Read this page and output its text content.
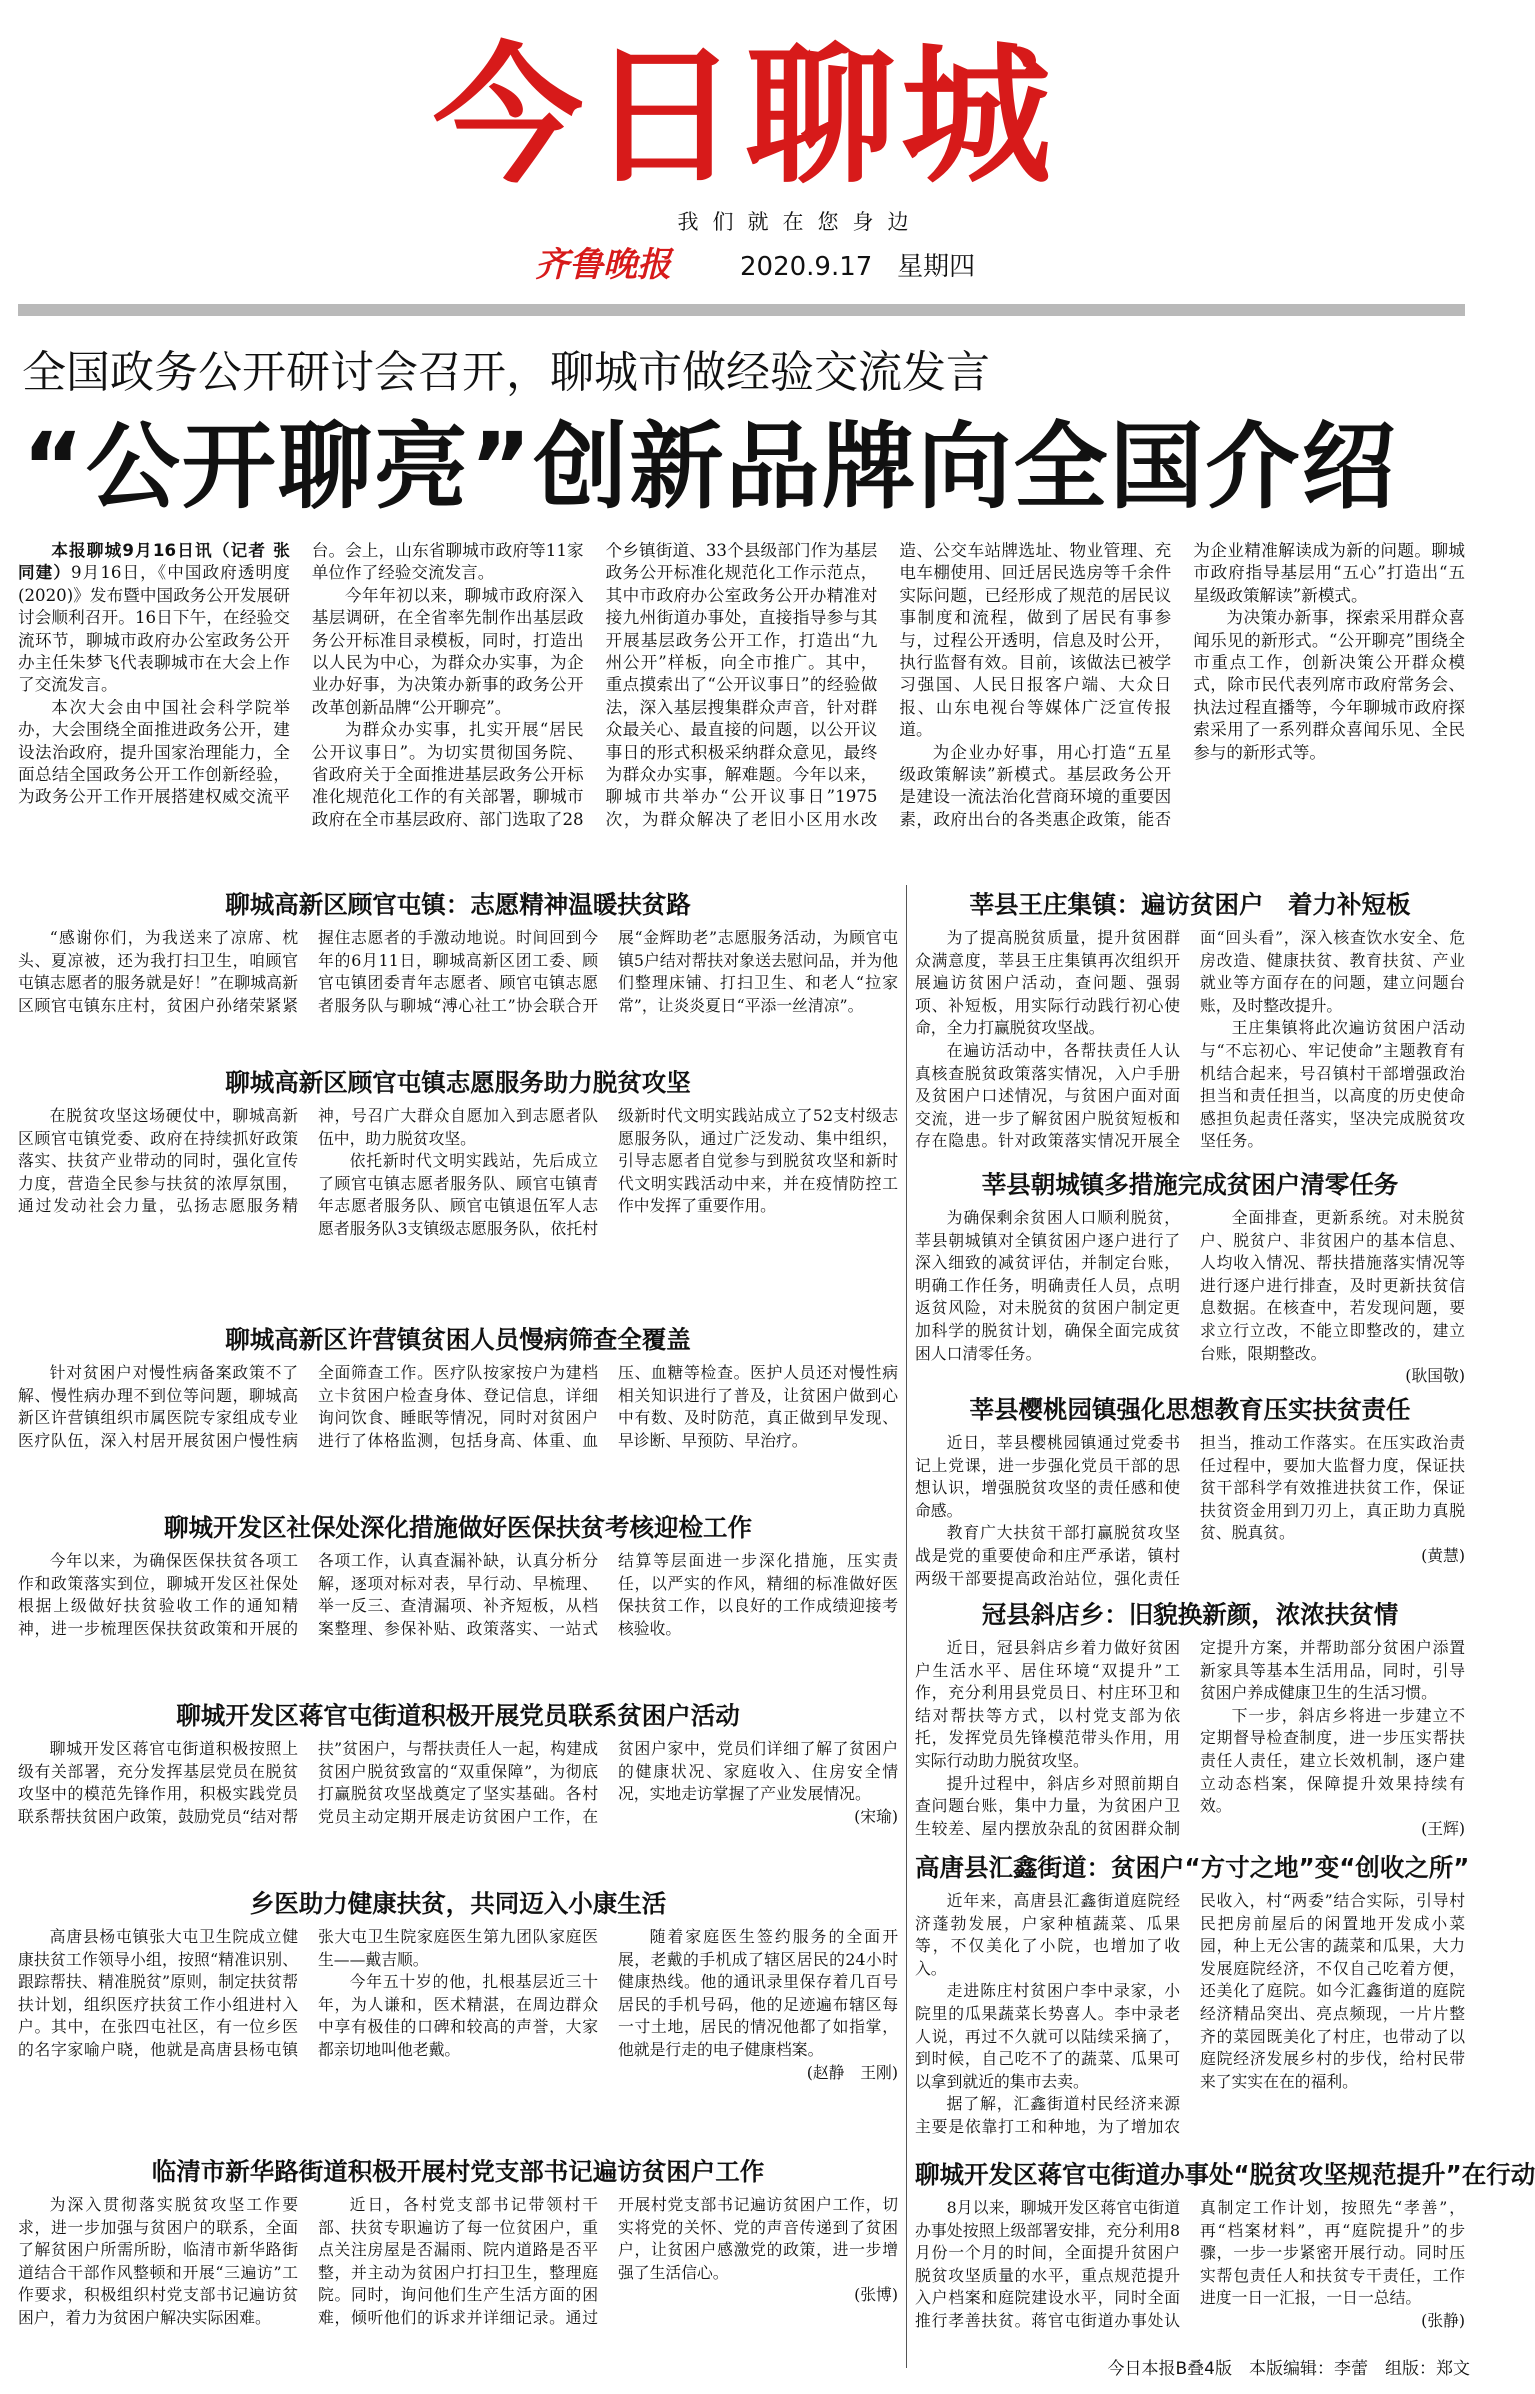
今日聊城
我们就在您身边
齐鲁晚报	2020.9.17 星期四
全国政务公开研讨会召开，聊城市做经验交流发言
“公开聊亮”创新品牌向全国介绍

本报聊城9月16日讯（记者 张同建）9月16日，《中国政府透明度(2020)》发布暨中国政务公开发展研讨会顺利召开。16日下午，在经验交流环节，聊城市政府办公室政务公开办主任朱梦飞代表聊城市在大会上作了交流发言。

本次大会由中国社会科学院举办，大会围绕全面推进政务公开，建设法治政府，提升国家治理能力，全面总结全国政务公开工作创新经验，为政务公开工作开展搭建权威交流平台。会上，山东省聊城市政府等11家单位作了经验交流发言。

今年年初以来，聊城市政府深入基层调研，在全省率先制作出基层政务公开标准目录模板，同时，打造出以人民为中心，为群众办实事，为企业办好事，为决策办新事的政务公开改革创新品牌“公开聊亮”。

为群众办实事，扎实开展“居民公开议事日”。为切实贯彻国务院、省政府关于全面推进基层政务公开标准化规范化工作的有关部署，聊城市政府在全市基层政府、部门选取了28个乡镇街道、33个县级部门作为基层政务公开标准化规范化工作示范点，其中市政府办公室政务公开办精准对接九州街道办事处，直接指导参与其开展基层政务公开工作，打造出“九州公开”样板，向全市推广。其中，重点摸索出了“公开议事日”的经验做法，深入基层搜集群众声音，针对群众最关心、最直接的问题，以公开议事日的形式积极采纳群众意见，最终为群众办实事，解难题。今年以来，聊城市共举办“公开议事日”1975次，为群众解决了老旧小区用水改造、公交车站牌选址、物业管理、充电车棚使用、回迁居民选房等千余件实际问题，已经形成了规范的居民议事制度和流程，做到了居民有事参与，过程公开透明，信息及时公开，执行监督有效。目前，该做法已被学习强国、人民日报客户端、大众日报、山东电视台等媒体广泛宣传报道。

为企业办好事，用心打造“五星级政策解读”新模式。基层政务公开是建设一流法治化营商环境的重要因素，政府出台的各类惠企政策，能否为企业精准解读成为新的问题。聊城市政府指导基层用“五心”打造出“五星级政策解读”新模式。

为决策办新事，探索采用群众喜闻乐见的新形式。“公开聊亮”围绕全市重点工作，创新决策公开群众模式，除市民代表列席市政府常务会、执法过程直播等，今年聊城市政府探索采用了一系列群众喜闻乐见、全民参与的新形式等。

聊城高新区顾官屯镇：志愿精神温暖扶贫路

“感谢你们，为我送来了凉席、枕头、夏凉被，还为我打扫卫生，咱顾官屯镇志愿者的服务就是好！”在聊城高新区顾官屯镇东庄村，贫困户孙绪荣紧紧握住志愿者的手激动地说。时间回到今年的6月11日，聊城高新区团工委、顾官屯镇团委青年志愿者、顾官屯镇志愿者服务队与聊城“溥心社工”协会联合开展“金辉助老”志愿服务活动，为顾官屯镇5户结对帮扶对象送去慰问品，并为他们整理床铺、打扫卫生、和老人“拉家常”，让炎炎夏日“平添一丝清凉”。

聊城高新区顾官屯镇志愿服务助力脱贫攻坚

在脱贫攻坚这场硬仗中，聊城高新区顾官屯镇党委、政府在持续抓好政策落实、扶贫产业带动的同时，强化宣传力度，营造全民参与扶贫的浓厚氛围，通过发动社会力量，弘扬志愿服务精神，号召广大群众自愿加入到志愿者队伍中，助力脱贫攻坚。

依托新时代文明实践站，先后成立了顾官屯镇志愿者服务队、顾官屯镇青年志愿者服务队、顾官屯镇退伍军人志愿者服务队3支镇级志愿服务队，依托村级新时代文明实践站成立了52支村级志愿服务队，通过广泛发动、集中组织，引导志愿者自觉参与到脱贫攻坚和新时代文明实践活动中来，并在疫情防控工作中发挥了重要作用。

聊城高新区许营镇贫困人员慢病筛查全覆盖

针对贫困户对慢性病备案政策不了解、慢性病办理不到位等问题，聊城高新区许营镇组织市属医院专家组成专业医疗队伍，深入村居开展贫困户慢性病全面筛查工作。医疗队按家按户为建档立卡贫困户检查身体、登记信息，详细询问饮食、睡眠等情况，同时对贫困户进行了体格监测，包括身高、体重、血压、血糖等检查。医护人员还对慢性病相关知识进行了普及，让贫困户做到心中有数、及时防范，真正做到早发现、早诊断、早预防、早治疗。

聊城开发区社保处深化措施做好医保扶贫考核迎检工作

今年以来，为确保医保扶贫各项工作和政策落实到位，聊城开发区社保处根据上级做好扶贫验收工作的通知精神，进一步梳理医保扶贫政策和开展的各项工作，认真查漏补缺，认真分析分解，逐项对标对表，早行动、早梳理、举一反三、查清漏项、补齐短板，从档案整理、参保补贴、政策落实、一站式结算等层面进一步深化措施，压实责任，以严实的作风，精细的标准做好医保扶贫工作，以良好的工作成绩迎接考核验收。

聊城开发区蒋官屯街道积极开展党员联系贫困户活动

聊城开发区蒋官屯街道积极按照上级有关部署，充分发挥基层党员在脱贫攻坚中的模范先锋作用，积极实践党员联系帮扶贫困户政策，鼓励党员“结对帮扶”贫困户，与帮扶责任人一起，构建成贫困户脱贫致富的“双重保障”，为彻底打赢脱贫攻坚战奠定了坚实基础。各村党员主动定期开展走访贫困户工作，在贫困户家中，党员们详细了解了贫困户的健康状况、家庭收入、住房安全情况，实地走访掌握了产业发展情况。

(宋瑜)

乡医助力健康扶贫，共同迈入小康生活

高唐县杨屯镇张大屯卫生院成立健康扶贫工作领导小组，按照“精准识别、跟踪帮扶、精准脱贫”原则，制定扶贫帮扶计划，组织医疗扶贫工作小组进村入户。其中，在张四屯社区，有一位乡医的名字家喻户晓，他就是高唐县杨屯镇张大屯卫生院家庭医生第九团队家庭医生——戴吉顺。

今年五十岁的他，扎根基层近三十年，为人谦和，医术精湛，在周边群众中享有极佳的口碑和较高的声誉，大家都亲切地叫他老戴。

随着家庭医生签约服务的全面开展，老戴的手机成了辖区居民的24小时健康热线。他的通讯录里保存着几百号居民的手机号码，他的足迹遍布辖区每一寸土地，居民的情况他都了如指掌，他就是行走的电子健康档案。

(赵静　王刚)

临清市新华路街道积极开展村党支部书记遍访贫困户工作

为深入贯彻落实脱贫攻坚工作要求，进一步加强与贫困户的联系，全面了解贫困户所需所盼，临清市新华路街道结合干部作风整顿和开展“三遍访”工作要求，积极组织村党支部书记遍访贫困户，着力为贫困户解决实际困难。

近日，各村党支部书记带领村干部、扶贫专职遍访了每一位贫困户，重点关注房屋是否漏雨、院内道路是否平整，并主动为贫困户打扫卫生，整理庭院。同时，询问他们生产生活方面的困难，倾听他们的诉求并详细记录。通过开展村党支部书记遍访贫困户工作，切实将党的关怀、党的声音传递到了贫困户，让贫困户感激党的政策，进一步增强了生活信心。

(张博)

莘县王庄集镇：遍访贫困户　着力补短板

为了提高脱贫质量，提升贫困群众满意度，莘县王庄集镇再次组织开展遍访贫困户活动，查问题、强弱项、补短板，用实际行动践行初心使命，全力打赢脱贫攻坚战。

在遍访活动中，各帮扶责任人认真核查脱贫政策落实情况，入户手册及贫困户口述情况，与贫困户面对面交流，进一步了解贫困户脱贫短板和存在隐患。针对政策落实情况开展全面“回头看”，深入核查饮水安全、危房改造、健康扶贫、教育扶贫、产业就业等方面存在的问题，建立问题台账，及时整改提升。

王庄集镇将此次遍访贫困户活动与“不忘初心、牢记使命”主题教育有机结合起来，号召镇村干部增强政治担当和责任担当，以高度的历史使命感担负起责任落实，坚决完成脱贫攻坚任务。

莘县朝城镇多措施完成贫困户清零任务

为确保剩余贫困人口顺利脱贫，莘县朝城镇对全镇贫困户逐户进行了深入细致的减贫评估，并制定台账，明确工作任务，明确责任人员，点明返贫风险，对未脱贫的贫困户制定更加科学的脱贫计划，确保全面完成贫困人口清零任务。

全面排查，更新系统。对未脱贫户、脱贫户、非贫困户的基本信息、人均收入情况、帮扶措施落实情况等进行逐户进行排查，及时更新扶贫信息数据。在核查中，若发现问题，要求立行立改，不能立即整改的，建立台账，限期整改。

(耿国敬)

莘县樱桃园镇强化思想教育压实扶贫责任

近日，莘县樱桃园镇通过党委书记上党课，进一步强化党员干部的思想认识，增强脱贫攻坚的责任感和使命感。

教育广大扶贫干部打赢脱贫攻坚战是党的重要使命和庄严承诺，镇村两级干部要提高政治站位，强化责任担当，推动工作落实。在压实政治责任过程中，要加大监督力度，保证扶贫干部科学有效推进扶贫工作，保证扶贫资金用到刀刃上，真正助力真脱贫、脱真贫。

(黄慧)

冠县斜店乡：旧貌换新颜，浓浓扶贫情

近日，冠县斜店乡着力做好贫困户生活水平、居住环境“双提升”工作，充分利用县党员日、村庄环卫和结对帮扶等方式，以村党支部为依托，发挥党员先锋模范带头作用，用实际行动助力脱贫攻坚。

提升过程中，斜店乡对照前期自查问题台账，集中力量，为贫困户卫生较差、屋内摆放杂乱的贫困群众制定提升方案，并帮助部分贫困户添置新家具等基本生活用品，同时，引导贫困户养成健康卫生的生活习惯。

下一步，斜店乡将进一步建立不定期督导检查制度，进一步压实帮扶责任人责任，建立长效机制，逐户建立动态档案，保障提升效果持续有效。

(王辉)

高唐县汇鑫街道：贫困户“方寸之地”变“创收之所”

近年来，高唐县汇鑫街道庭院经济蓬勃发展，户家种植蔬菜、瓜果等，不仅美化了小院，也增加了收入。

走进陈庄村贫困户李中录家，小院里的瓜果蔬菜长势喜人。李中录老人说，再过不久就可以陆续采摘了，到时候，自己吃不了的蔬菜、瓜果可以拿到就近的集市去卖。

据了解，汇鑫街道村民经济来源主要是依靠打工和种地，为了增加农民收入，村“两委”结合实际，引导村民把房前屋后的闲置地开发成小菜园，种上无公害的蔬菜和瓜果，大力发展庭院经济，不仅自己吃着方便，还美化了庭院。如今汇鑫街道的庭院经济精品突出、亮点频现，一片片整齐的菜园既美化了村庄，也带动了以庭院经济发展乡村的步伐，给村民带来了实实在在的福利。

聊城开发区蒋官屯街道办事处“脱贫攻坚规范提升”在行动

8月以来，聊城开发区蒋官屯街道办事处按照上级部署安排，充分利用8月份一个月的时间，全面提升贫困户脱贫攻坚质量的水平，重点规范提升入户档案和庭院建设水平，同时全面推行孝善扶贫。蒋官屯街道办事处认真制定工作计划，按照先“孝善”，再“档案材料”，再“庭院提升”的步骤，一步一步紧密开展行动。同时压实帮包责任人和扶贫专干责任，工作进度一日一汇报，一日一总结。

(张静)

今日本报B叠4版　本版编辑：李蕾　组版：郑文
